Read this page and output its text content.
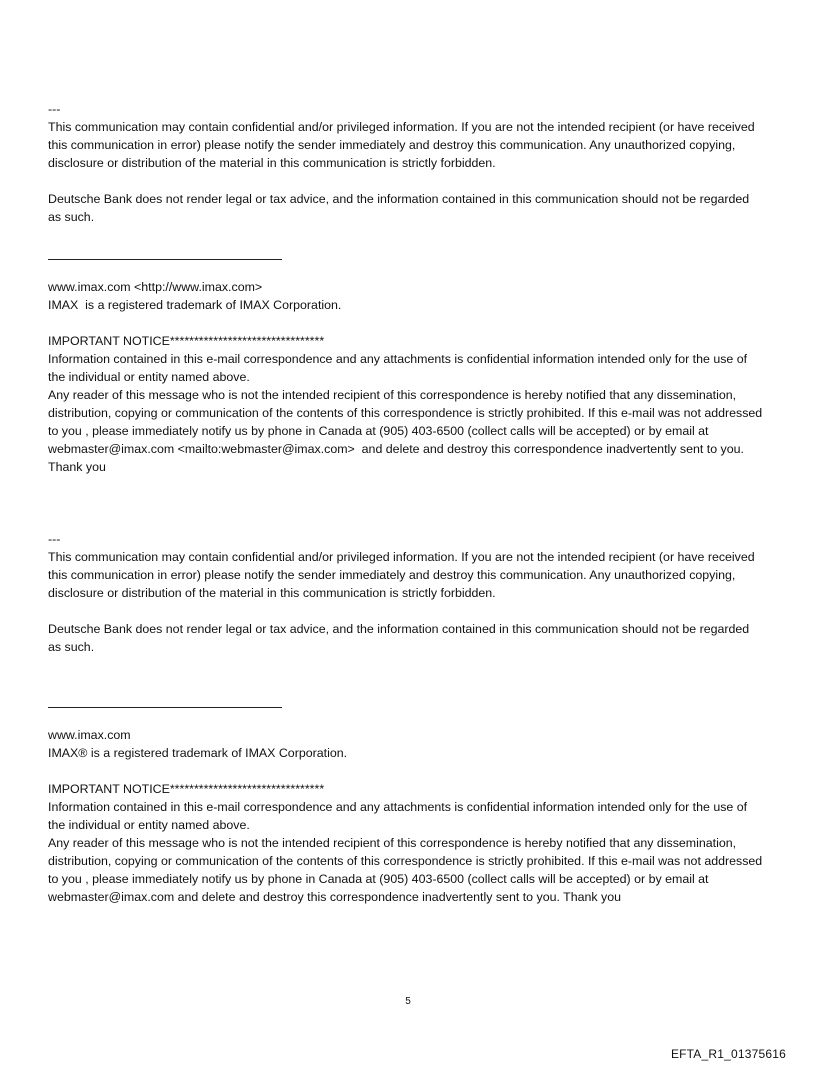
---

This communication may contain confidential and/or privileged information. If you are not the intended recipient (or have received this communication in error) please notify the sender immediately and destroy this communication. Any unauthorized copying, disclosure or distribution of the material in this communication is strictly forbidden.

Deutsche Bank does not render legal or tax advice, and the information contained in this communication should not be regarded as such.

www.imax.com <http://www.imax.com>

IMAX  is a registered trademark of IMAX Corporation.

IMPORTANT NOTICE********************************

Information contained in this e-mail correspondence and any attachments is confidential information intended only for the use of the individual or entity named above.

Any reader of this message who is not the intended recipient of this correspondence is hereby notified that any dissemination, distribution, copying or communication of the contents of this correspondence is strictly prohibited. If this e-mail was not addressed to you , please immediately notify us by phone in Canada at (905) 403-6500 (collect calls will be accepted) or by email at webmaster@imax.com <mailto:webmaster@imax.com>  and delete and destroy this correspondence inadvertently sent to you. Thank you

---

This communication may contain confidential and/or privileged information. If you are not the intended recipient (or have received this communication in error) please notify the sender immediately and destroy this communication. Any unauthorized copying, disclosure or distribution of the material in this communication is strictly forbidden.

Deutsche Bank does not render legal or tax advice, and the information contained in this communication should not be regarded as such.

www.imax.com

IMAX® is a registered trademark of IMAX Corporation.

IMPORTANT NOTICE********************************

Information contained in this e-mail correspondence and any attachments is confidential information intended only for the use of the individual or entity named above.

Any reader of this message who is not the intended recipient of this correspondence is hereby notified that any dissemination, distribution, copying or communication of the contents of this correspondence is strictly prohibited. If this e-mail was not addressed to you , please immediately notify us by phone in Canada at (905) 403-6500 (collect calls will be accepted) or by email at webmaster@imax.com and delete and destroy this correspondence inadvertently sent to you. Thank you

5
EFTA_R1_01375616
